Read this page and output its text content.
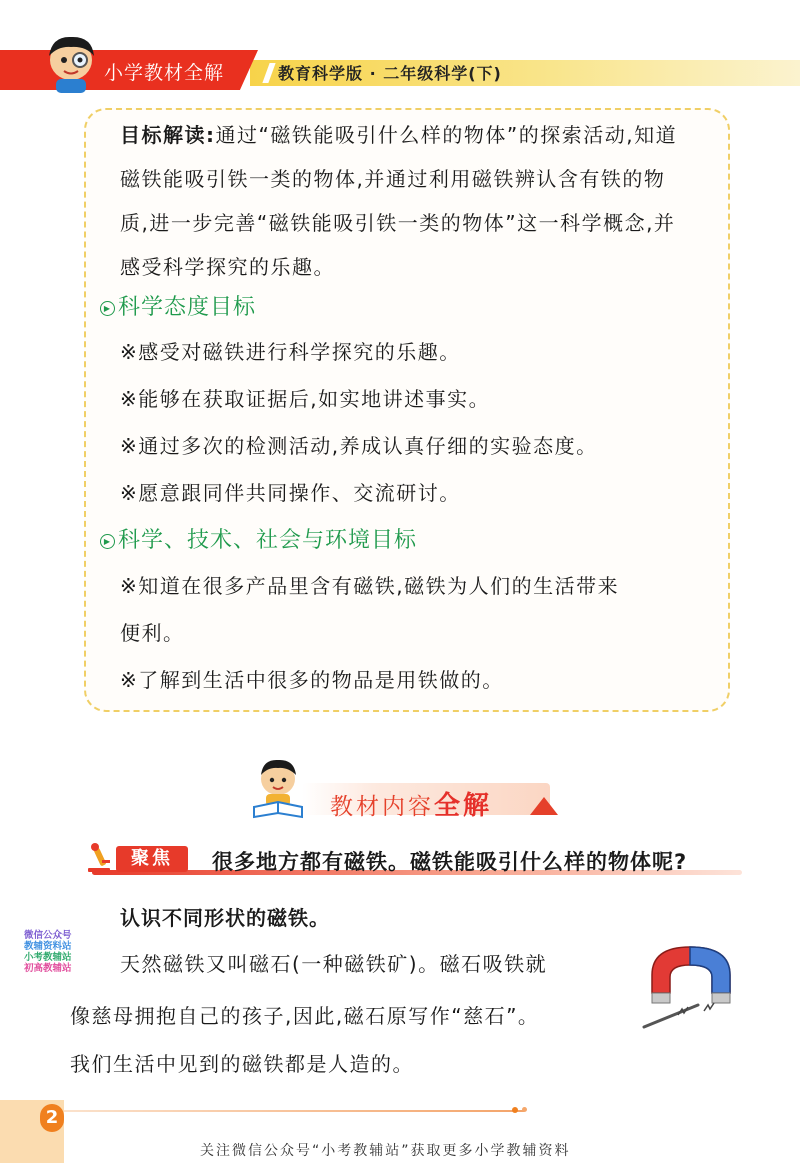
小学教材全解	教育科学版 · 二年级科学(下)
目标解读:通过“磁铁能吸引什么样的物体”的探索活动,知道
磁铁能吸引铁一类的物体,并通过利用磁铁辨认含有铁的物
质,进一步完善“磁铁能吸引铁一类的物体”这一科学概念,并
感受科学探究的乐趣。
▶ 科学态度目标
※感受对磁铁进行科学探究的乐趣。
※能够在获取证据后,如实地讲述事实。
※通过多次的检测活动,养成认真仔细的实验态度。
※愿意跟同伴共同操作、交流研讨。
▶ 科学、技术、社会与环境目标
※知道在很多产品里含有磁铁,磁铁为人们的生活带来
便利。
※了解到生活中很多的物品是用铁做的。
教材内容全解
聚焦	很多地方都有磁铁。磁铁能吸引什么样的物体呢?
认识不同形状的磁铁。
天然磁铁又叫磁石(一种磁铁矿)。磁石吸铁就
像慈母拥抱自己的孩子,因此,磁石原写作“慈石”。
我们生活中见到的磁铁都是人造的。
微信公众号
教辅资料站
小考教辅站
初高教辅站
2
关注微信公众号“小考教辅站”获取更多小学教辅资料
